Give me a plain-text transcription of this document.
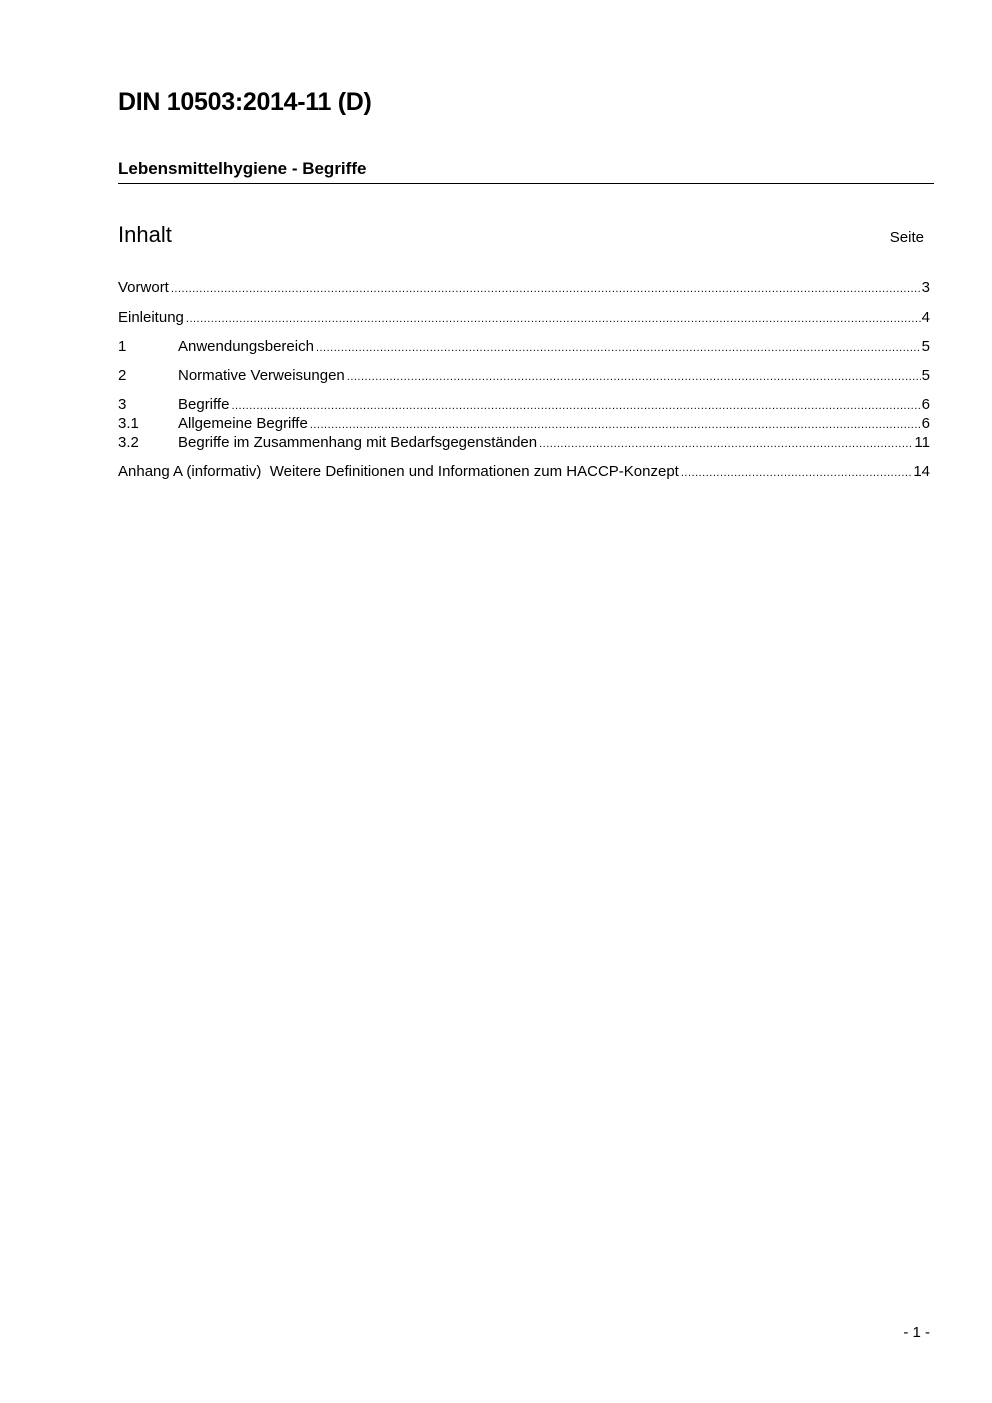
DIN 10503:2014-11 (D)
Lebensmittelhygiene - Begriffe
Inhalt	Seite
Vorwort .....	3
Einleitung .....	4
1	Anwendungsbereich .....	5
2	Normative Verweisungen .....	5
3	Begriffe .....	6
3.1	Allgemeine Begriffe .....	6
3.2	Begriffe im Zusammenhang mit Bedarfsgegenständen .....	11
Anhang A (informativ)  Weitere Definitionen und Informationen zum HACCP-Konzept .....	14
- 1 -
